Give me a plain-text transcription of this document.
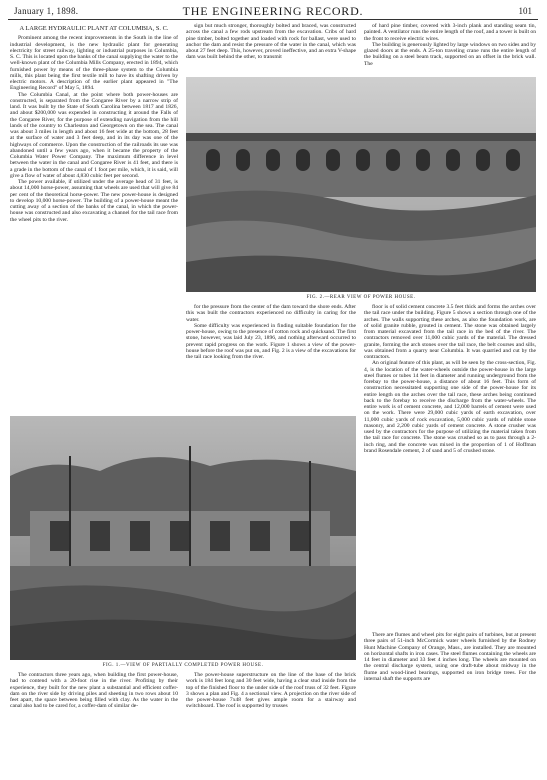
January 1, 1898.	THE ENGINEERING RECORD.	101
A LARGE HYDRAULIC PLANT AT COLUMBIA, S. C.

Prominent among the recent improvements in the South in the line of industrial development, is the new hydraulic plant for generating electricity for street railway, lighting or industrial purposes in Columbia, S. C. This is located upon the banks of the canal supplying the water to the well-known plant of the Columbia Mills Company, erected in 1894, which furnished power by means of the three-phase system to the Columbia mills, this plant being the first textile mill to have its shafting driven by electric motors. A description of the earlier plant appeared in "The Engineering Record" of May 5, 1894.

The Columbia Canal, at the point where both power-houses are constructed, is separated from the Congaree River by a narrow strip of land. It was built by the State of South Carolina between 1817 and 1826, and about $200,000 was expended in constructing it around the Falls of the Congaree River, for the purpose of extending navigation from the hill lands of the country to Charleston and Georgetown on the sea. The canal was about 3 miles in length and about 16 feet wide at the bottom, 28 feet at the surface of water and 3 feet deep, and in its day was one of the highways of commerce. Upon the construction of the railroads its use was abandoned until a few years ago, when it became the property of the Columbia Water Power Company. The maximum difference in level between the water in the canal and Congaree River is 41 feet, and there is a grade in the bottom of the canal of 1 foot per mile, which, it is said, will give a flow of water of about 4,830 cubic feet per second.

The power available, if utilized under the average head of 31 feet, is about 14,000 horse-power, assuming that wheels are used that will give 84 per cent of the theoretical horse-power. The new power-house is designed to develop 10,000 horse-power. The building of a power-house meant the cutting away of a section of the banks of the canal, in which the power-house was constructed and also excavating a channel for the tail race from the wheel pits to the river.

sign but much stronger, thoroughly bolted and braced, was constructed across the canal a few rods upstream from the excavation. Cribs of hard pine timber, bolted together and loaded with rock for ballast, were used to anchor the dam and resist the pressure of the water in the canal, which was about 27 feet deep. This, however, proved ineffective, and an extra V-shape dam was built behind the other, to transmit

of hard pine timber, covered with 3-inch plank and standing seam tin, painted. A ventilator runs the entire length of the roof, and a tower is built on the front to receive electric wires.

The building is generously lighted by large windows on two sides and by glazed doors at the ends. A 25-ton traveling crane runs the entire length of the building on a steel beam track, supported on an offset in the brick wall. The

FIG. 2.—REAR VIEW OF POWER HOUSE.

for the pressure from the center of the dam toward the shore ends. After this was built the contractors experienced no difficulty in caring for the water.

Some difficulty was experienced in finding suitable foundation for the power-house, owing to the presence of cotton rock and quicksand. The first stone, however, was laid July 23, 1896, and nothing afterward occurred to prevent rapid progress on the work. Figure 1 shows a view of the power-house before the roof was put on, and Fig. 2 is a view of the excavations for the tail race looking from the river.

floor is of solid cement concrete 3.5 feet thick and forms the arches over the tail race under the building. Figure 5 shows a section through one of the arches. The walls supporting these arches, as also the foundation work, are of solid granite rubble, grouted in cement. The stone was obtained largely from material excavated from the tail race in the bed of the river. The contractors removed over 11,000 cubic yards of the material. The dressed granite, forming the arch stones over the tail race, the belt courses and sills, was obtained from a quarry near Columbia. It was quarried and cut by the contractors.

An original feature of this plant, as will be seen by the cross-section, Fig. 4, is the location of the water-wheels outside the power-house in the large steel flumes or tubes 14 feet in diameter and running underground from the forebay to the power-house, a distance of about 16 feet. This form of construction necessitated supporting one side of the power-house for its entire length on the arches over the tail race, these arches being continued back to the forebay to receive the discharge from the water-wheels. The entire work is of cement concrete, and 12,000 barrels of cement were used on the work. There were 29,000 cubic yards of earth excavation, over 11,000 cubic yards of rock excavation, 5,000 cubic yards of rubble stone masonry, and 2,200 cubic yards of cement concrete. A stone crusher was used by the contractors for the purpose of utilizing the material taken from the tail race for concrete. The stone was crushed so as to pass through a 2-inch ring, and the concrete was mixed in the proportion of 1 of Hoffman brand Rosendale cement, 2 of sand and 5 of crushed stone.

FIG. 1.—VIEW OF PARTIALLY COMPLETED POWER HOUSE.

The contractors three years ago, when building the first power-house, had to contend with a 20-foot rise in the river. Profiting by their experience, they built for the new plant a substantial and efficient coffer-dam on the river side by driving piles and sheeting in two rows about 10 feet apart, the space between being filled with clay. As the water in the canal also had to be cared for, a coffer-dam of similar de-

The power-house superstructure on the line of the base of the brick work is 184 feet long and 30 feet wide, having a clear stud inside from the top of the finished floor to the under side of the roof truss of 32 feet. Figure 3 shows a plan and Fig. 4 a sectional view. A projection on the river side of the power-house 7x48 feet gives ample room for a stairway and switchboard. The roof is supported by trusses

There are flumes and wheel pits for eight pairs of turbines, but at present three pairs of 51-inch McCormick water wheels furnished by the Rodney Hunt Machine Company of Orange, Mass., are installed. They are mounted on horizontal shafts in iron cases. The steel flumes containing the wheels are 14 feet in diameter and 33 feet 4 inches long. The wheels are mounted on the central discharge system, using one draft-tube about midway in the flume and wood-lined bearings, supported on iron bridge trees. For the internal shaft the supports are
